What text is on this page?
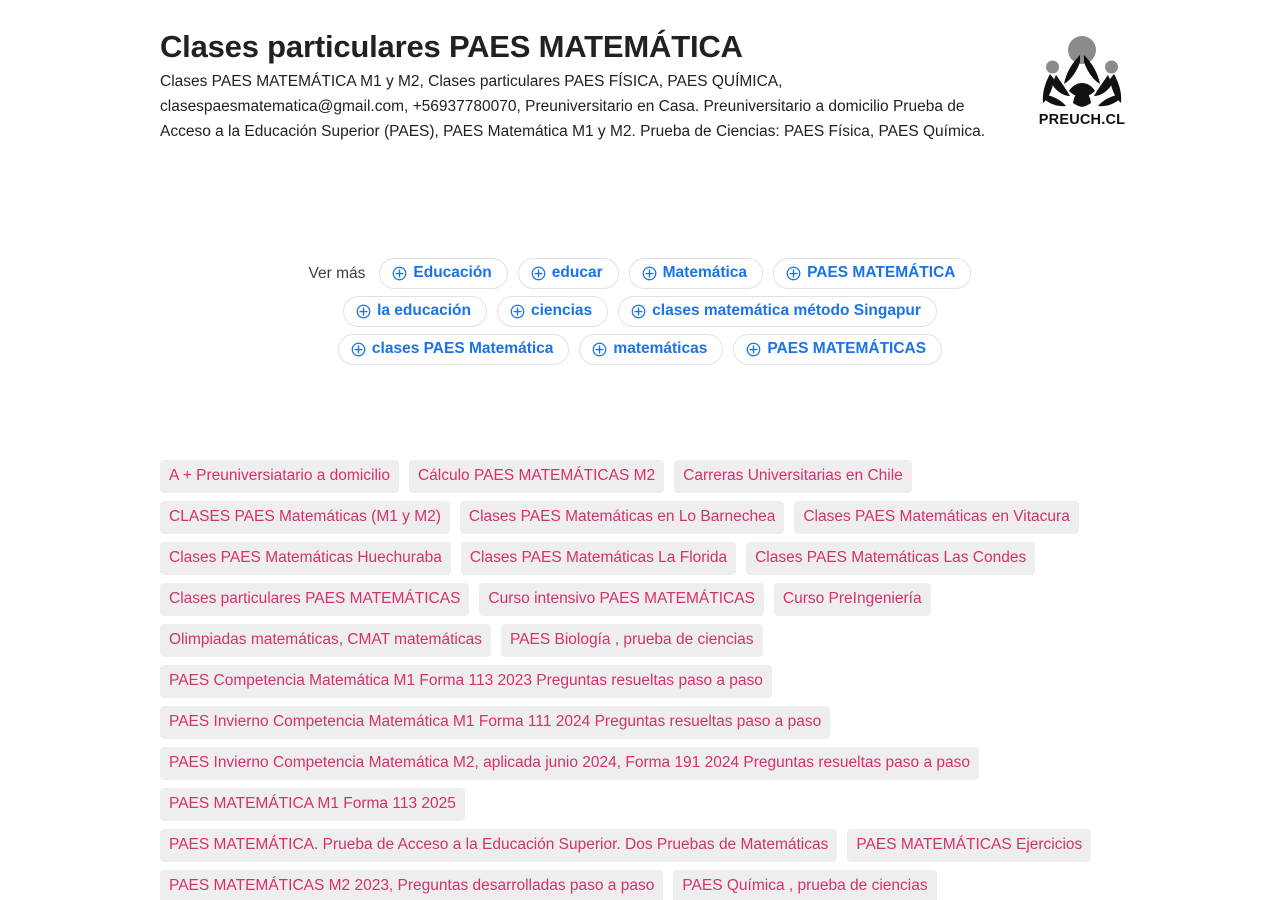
Clases particulares PAES MATEMÁTICA

Clases PAES MATEMÁTICA M1 y M2, Clases particulares PAES FÍSICA, PAES QUÍMICA, clasespaesmatematica@gmail.com, +56937780070, Preuniversitario en Casa. Preuniversitario a domicilio Prueba de Acceso a la Educación Superior (PAES), PAES Matemática M1 y M2. Prueba de Ciencias: PAES Física, PAES Química.

PREUCH.CL
Ver más	Educación	educar	Matemática	PAES MATEMÁTICA
la educación	ciencias	clases matemática método Singapur
clases PAES Matemática	matemáticas	PAES MATEMÁTICAS
A + Preuniversiatario a domicilio	Cálculo PAES MATEMÁTICAS M2	Carreras Universitarias en Chile
CLASES PAES Matemáticas (M1 y M2)	Clases PAES Matemáticas en Lo Barnechea	Clases PAES Matemáticas en Vitacura
Clases PAES Matemáticas Huechuraba	Clases PAES Matemáticas La Florida	Clases PAES Matemáticas Las Condes
Clases particulares PAES MATEMÁTICAS	Curso intensivo PAES MATEMÁTICAS	Curso PreIngeniería
Olimpiadas matemáticas, CMAT matemáticas	PAES Biología , prueba de ciencias
PAES Competencia Matemática M1 Forma 113 2023 Preguntas resueltas paso a paso
PAES Invierno Competencia Matemática M1 Forma 111 2024 Preguntas resueltas paso a paso
PAES Invierno Competencia Matemática M2, aplicada junio 2024, Forma 191 2024 Preguntas resueltas paso a paso
PAES MATEMÁTICA M1 Forma 113 2025
PAES MATEMÁTICA. Prueba de Acceso a la Educación Superior. Dos Pruebas de Matemáticas	PAES MATEMÁTICAS Ejercicios
PAES MATEMÁTICAS M2 2023, Preguntas desarrolladas paso a paso	PAES Química , prueba de ciencias
